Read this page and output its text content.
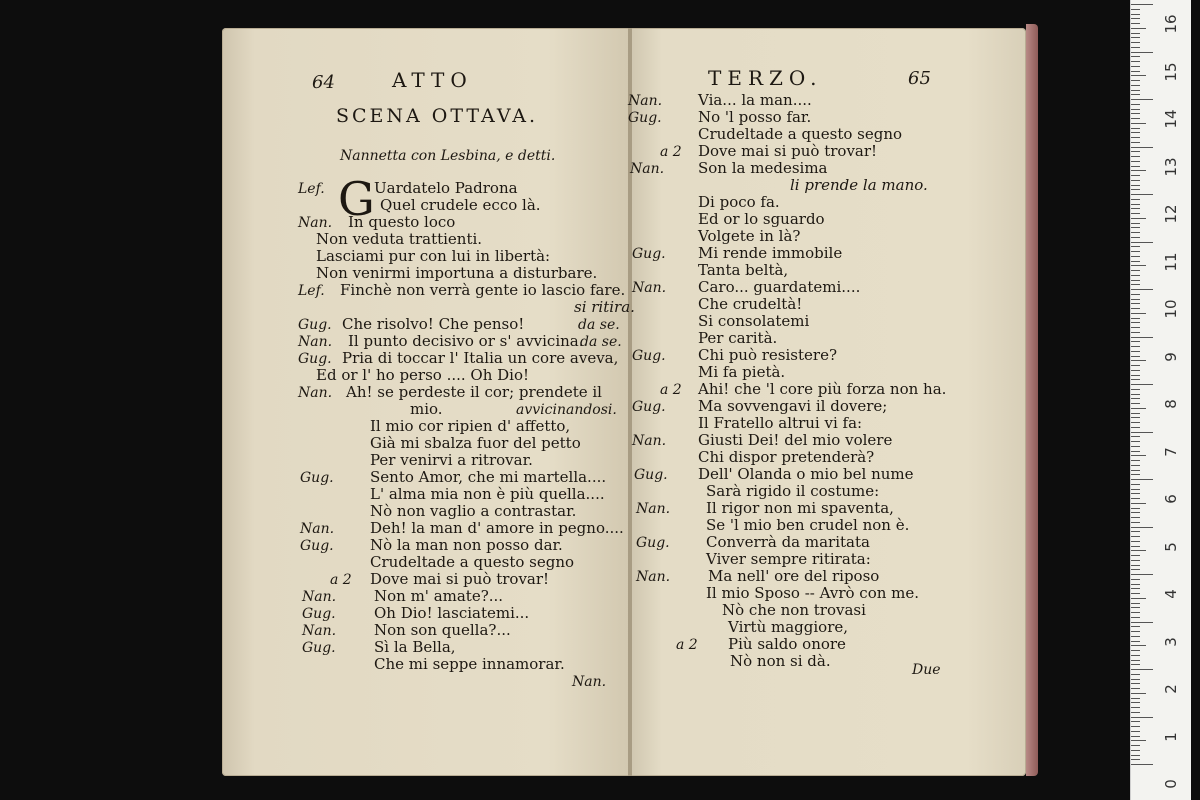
64	ATTO
SCENA OTTAVA.
Nannetta con Lesbina, e detti.
Lef. G Uardatelo Padrona
Quel crudele ecco là.
Nan. In questo loco
Non veduta trattienti.
Lasciami pur con lui in libertà:
Non venirmi importuna a disturbare.
Lef. Finchè non verrà gente io lascio fare.
si ritira.
Gug. Che risolvo! Che penso!	da se.
Nan. Il punto decisivo or s' avvicina.
da se.
Gug. Pria di toccar l' Italia un core aveva,
Ed or l' ho perso .... Oh Dio!
Nan. Ah! se perdeste il cor; prendete il
mio.	avvicinandosi.
Il mio cor ripien d' affetto,
Già mi sbalza fuor del petto
Per venirvi a ritrovar.
Gug. Sento Amor, che mi martella....
L' alma mia non è più quella....
Nò non vaglio a contrastar.
Nan. Deh! la man d' amore in pegno....
Gug. Nò la man non posso dar.
Crudeltade a questo segno
a 2 Dove mai si può trovar!
Nan.	Non m' amate?...
Gug.	Oh Dio! lasciatemi...
Nan.	Non son quella?...
Gug.	Sì la Bella,
Che mi seppe innamorar.
Nan.
TERZO.	65
Nan. Via... la man....
Gug. No 'l posso far.
Crudeltade a questo segno
a 2 Dove mai si può trovar!
Nan. Son la medesima
li prende la mano.
Di poco fa.
Ed or lo sguardo
Volgete in là?
Gug. Mi rende immobile
Tanta beltà,
Nan. Caro... guardatemi....
Che crudeltà!
Si consolatemi
Per carità.
Gug. Chi può resistere?
Mi fa pietà.
a 2 Ahi! che 'l core più forza non ha.
Gug. Ma sovvengavi il dovere;
Il Fratello altrui vi fa:
Nan. Giusti Dei! del mio volere
Chi dispor pretenderà?
Gug. Dell' Olanda o mio bel nume
Sarà rigido il costume:
Nan. Il rigor non mi spaventa,
Se 'l mio ben crudel non è.
Gug. Converrà da maritata
Viver sempre ritirata:
Nan.	Ma nell' ore del riposo
Il mio Sposo -- Avrò con me.
Nò che non trovasi
Virtù maggiore,
a 2 Più saldo onore
Nò non si dà.	Due
16
15
14
13
12
11
10
9
8
7
6
5
4
3
2
1
0
